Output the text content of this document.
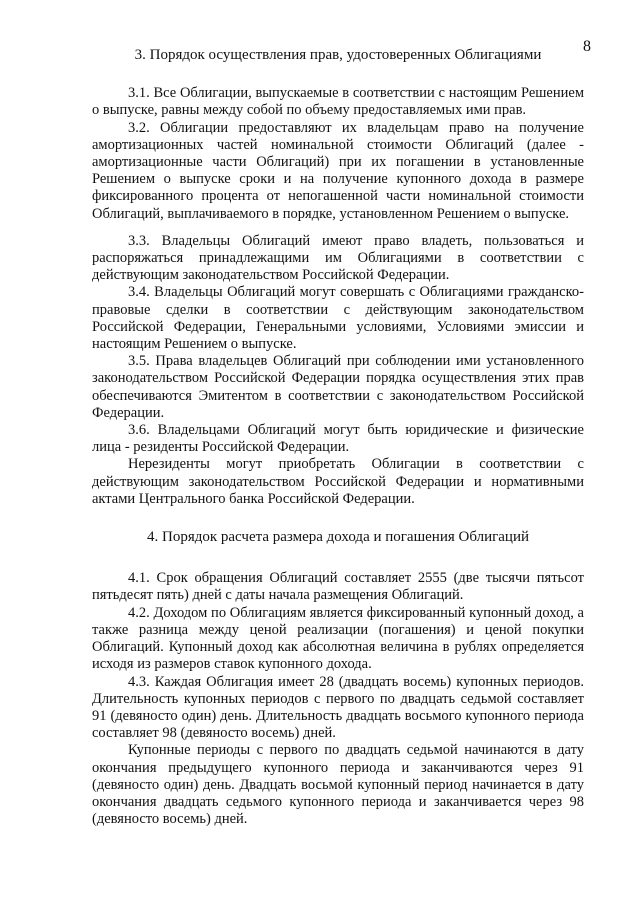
8
3. Порядок осуществления прав, удостоверенных Облигациями

3.1. Все Облигации, выпускаемые в соответствии с настоящим Решением о выпуске, равны между собой по объему предоставляемых ими прав.

3.2. Облигации предоставляют их владельцам право на получение амортизационных частей номинальной стоимости Облигаций (далее - амортизационные части Облигаций) при их погашении в установленные Решением о выпуске сроки и на получение купонного дохода в размере фиксированного процента от непогашенной части номинальной стоимости Облигаций, выплачиваемого в порядке, установленном Решением о выпуске.

3.3. Владельцы Облигаций имеют право владеть, пользоваться и распоряжаться принадлежащими им Облигациями в соответствии с действующим законодательством Российской Федерации.

3.4. Владельцы Облигаций могут совершать с Облигациями гражданско-правовые сделки в соответствии с действующим законодательством Российской Федерации, Генеральными условиями, Условиями эмиссии и настоящим Решением о выпуске.

3.5. Права владельцев Облигаций при соблюдении ими установленного законодательством Российской Федерации порядка осуществления этих прав обеспечиваются Эмитентом в соответствии с законодательством Российской Федерации.

3.6. Владельцами Облигаций могут быть юридические и физические лица - резиденты Российской Федерации.

Нерезиденты могут приобретать Облигации в соответствии с действующим законодательством Российской Федерации и нормативными актами Центрального банка Российской Федерации.

4. Порядок расчета размера дохода и погашения Облигаций

4.1. Срок обращения Облигаций составляет 2555 (две тысячи пятьсот пятьдесят пять) дней с даты начала размещения Облигаций.

4.2. Доходом по Облигациям является фиксированный купонный доход, а также разница между ценой реализации (погашения) и ценой покупки Облигаций. Купонный доход как абсолютная величина в рублях определяется исходя из размеров ставок купонного дохода.

4.3. Каждая Облигация имеет 28 (двадцать восемь) купонных периодов. Длительность купонных периодов с первого по двадцать седьмой составляет 91 (девяносто один) день. Длительность двадцать восьмого купонного периода составляет 98 (девяносто восемь) дней.

Купонные периоды с первого по двадцать седьмой начинаются в дату окончания предыдущего купонного периода и заканчиваются через 91 (девяносто один) день. Двадцать восьмой купонный период начинается в дату окончания двадцать седьмого купонного периода и заканчивается через 98 (девяносто восемь) дней.
